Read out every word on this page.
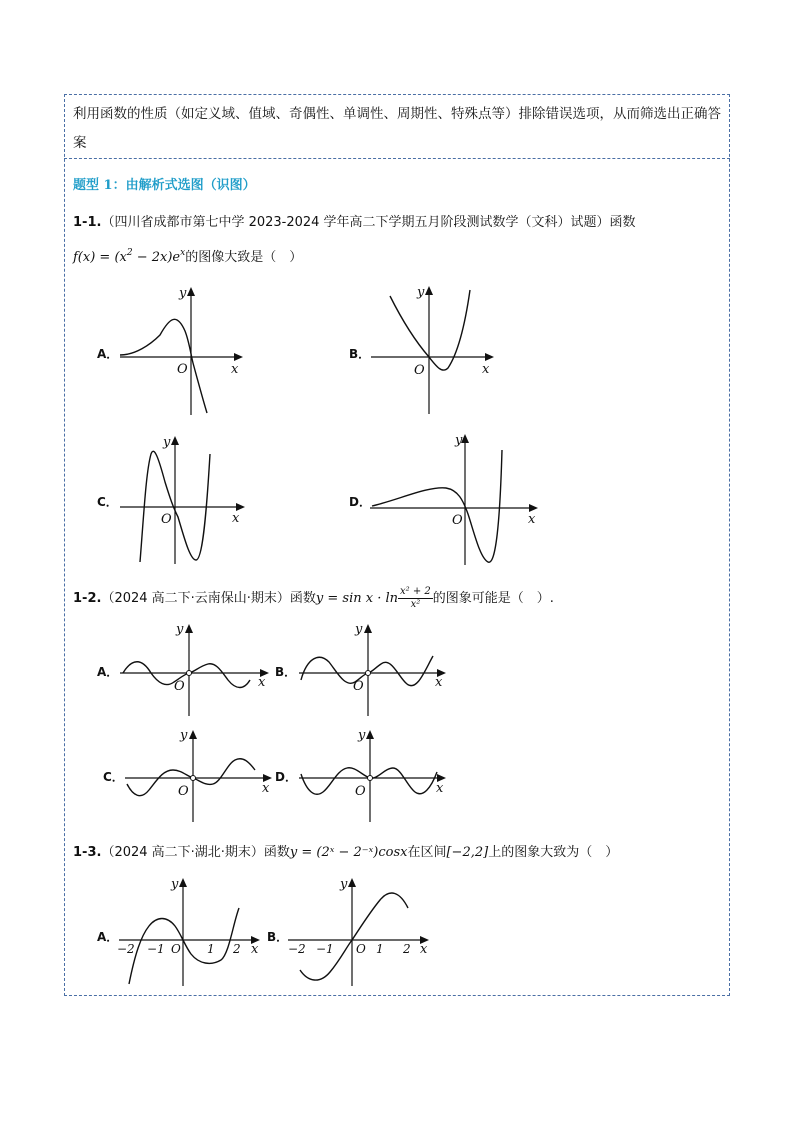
利用函数的性质（如定义域、值域、奇偶性、单调性、周期性、特殊点等）排除错误选项，从而筛选出正确答案
题型 1：由解析式选图（识图）
1-1.（四川省成都市第七中学 2023-2024 学年高二下学期五月阶段测试数学（文科）试题）函数
$f(x) = (x^2 - 2x)e^x$的图像大致是（　）
A．
O	x
y
B．
O	x
y
C．
O	x
y
D．
O	x
y
1-2.（2024 高二下·云南保山·期末）函数$y = \sin x \cdot \ln \frac{\text{x² + 2}}{\text{x²}}$ 的图象可能是（　）.
A．
O	x
y
B．
O	x
y
C．
O	x
y
D．
O	x
y
1-3.（2024 高二下·湖北·期末）函数y = (2ˣ − 2⁻ˣ)cosx在区间[−2,2]上的图象大致为（　）
A．
−2 −1 O 1 2 x
y
B．
−2 −1 O 1 2 x
y
